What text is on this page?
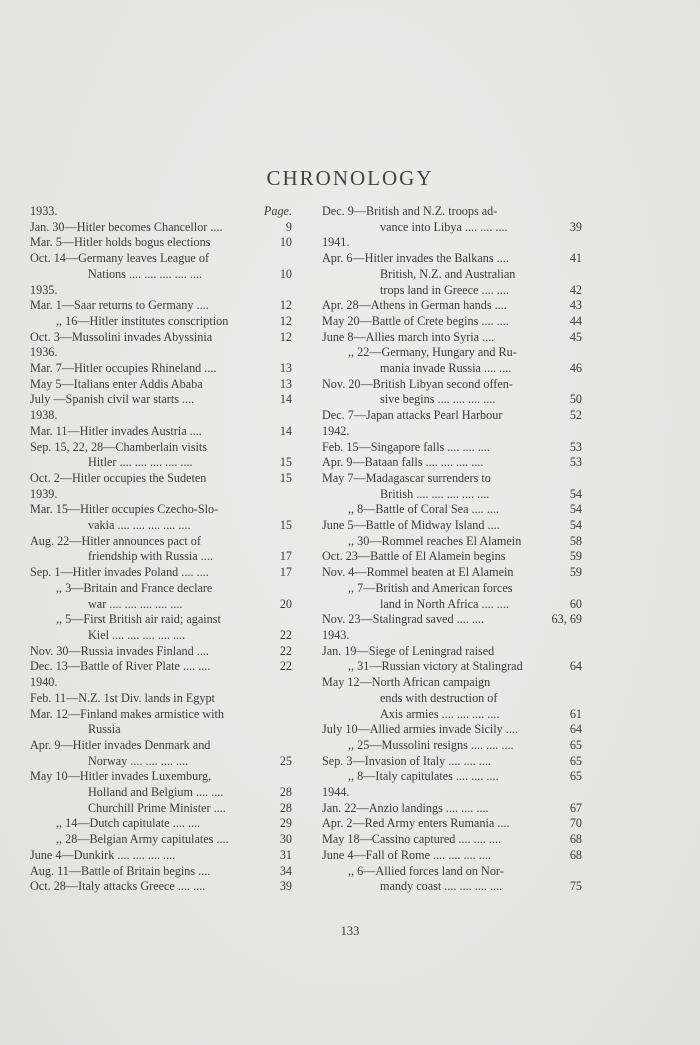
CHRONOLOGY
1933.	Page.
Jan. 30—Hitler becomes Chancellor ....	9
Mar. 5—Hitler holds bogus elections	10
Oct. 14—Germany leaves League of
Nations .... .... .... .... ....	10
1935.
Mar. 1—Saar returns to Germany ....	12
,, 16—Hitler institutes conscription	12
Oct. 3—Mussolini invades Abyssinia	12
1936.
Mar. 7—Hitler occupies Rhineland ....	13
May 5—Italians enter Addis Ababa	13
July —Spanish civil war starts ....	14
1938.
Mar. 11—Hitler invades Austria ....	14
Sep. 15, 22, 28—Chamberlain visits
Hitler .... .... .... .... ....	15
Oct. 2—Hitler occupies the Sudeten	15
1939.
Mar. 15—Hitler occupies Czecho-Slo-
vakia .... .... .... .... ....	15
Aug. 22—Hitler announces pact of
friendship with Russia ....	17
Sep. 1—Hitler invades Poland .... ....	17
,, 3—Britain and France declare
war .... .... .... .... ....	20
,, 5—First British air raid; against
Kiel .... .... .... .... ....	22
Nov. 30—Russia invades Finland ....	22
Dec. 13—Battle of River Plate .... ....	22
1940.
Feb. 11—N.Z. 1st Div. lands in Egypt
Mar. 12—Finland makes armistice with
Russia
Apr. 9—Hitler invades Denmark and
Norway .... .... .... ....	25
May 10—Hitler invades Luxemburg,
Holland and Belgium .... ....	28
Churchill Prime Minister ....	28
,, 14—Dutch capitulate .... ....	29
,, 28—Belgian Army capitulates ....	30
June 4—Dunkirk .... .... .... ....	31
Aug. 11—Battle of Britain begins ....	34
Oct. 28—Italy attacks Greece .... ....	39
Dec. 9—British and N.Z. troops ad-
vance into Libya .... .... ....	39
1941.
Apr. 6—Hitler invades the Balkans ....	41
British, N.Z. and Australian
trops land in Greece .... ....	42
Apr. 28—Athens in German hands ....	43
May 20—Battle of Crete begins .... ....	44
June 8—Allies march into Syria ....	45
,, 22—Germany, Hungary and Ru-
mania invade Russia .... ....	46
Nov. 20—British Libyan second offen-
sive begins .... .... .... ....	50
Dec. 7—Japan attacks Pearl Harbour	52
1942.
Feb. 15—Singapore falls .... .... ....	53
Apr. 9—Bataan falls .... .... .... ....	53
May 7—Madagascar surrenders to
British .... .... .... .... ....	54
,, 8—Battle of Coral Sea .... ....	54
June 5—Battle of Midway Island ....	54
,, 30—Rommel reaches El Alamein	58
Oct. 23—Battle of El Alamein begins	59
Nov. 4—Rommel beaten at El Alamein	59
,, 7—British and American forces
land in North Africa .... ....	60
Nov. 23—Stalingrad saved .... ....	63, 69
1943.
Jan. 19—Siege of Leningrad raised
,, 31—Russian victory at Stalingrad	64
May 12—North African campaign
ends with destruction of
Axis armies .... .... .... ....	61
July 10—Allied armies invade Sicily ....	64
,, 25—Mussolini resigns .... .... ....	65
Sep. 3—Invasion of Italy .... .... ....	65
,, 8—Italy capitulates .... .... ....	65
1944.
Jan. 22—Anzio landings .... .... ....	67
Apr. 2—Red Army enters Rumania ....	70
May 18—Cassino captured .... .... ....	68
June 4—Fall of Rome .... .... .... ....	68
,, 6—Allied forces land on Nor-
mandy coast .... .... .... ....	75
133
